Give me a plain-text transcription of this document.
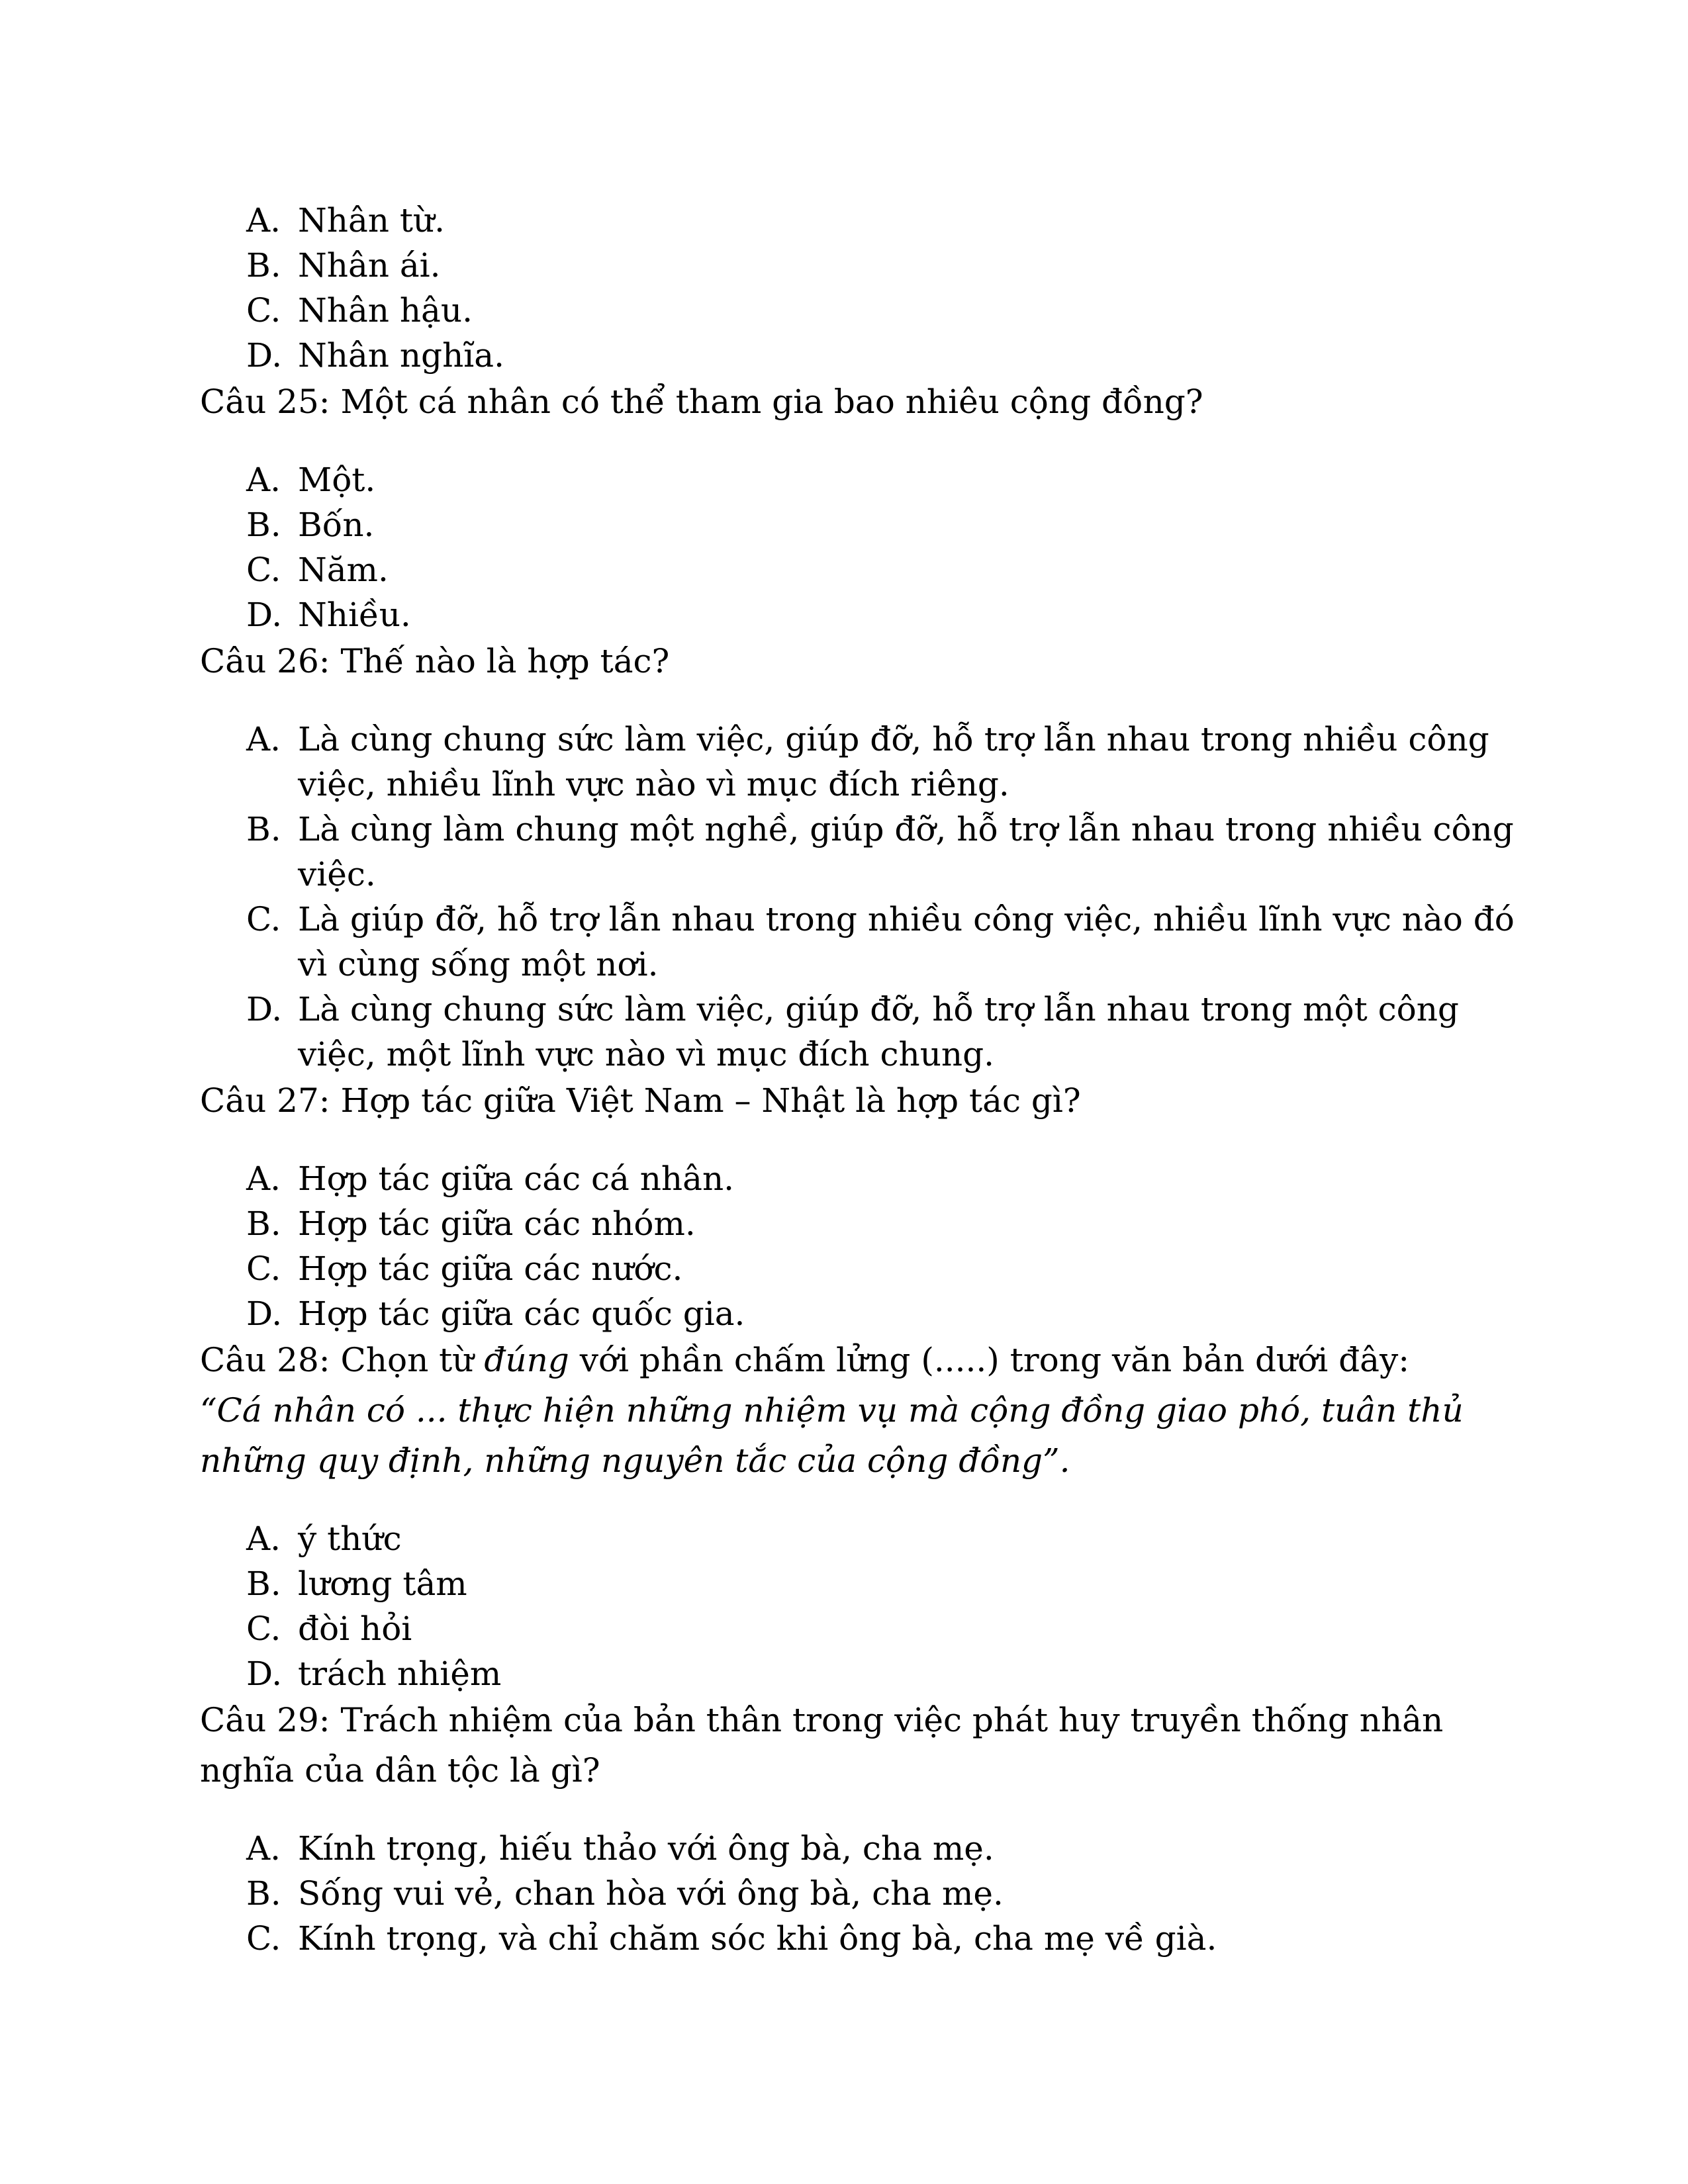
A. Nhân từ.
B. Nhân ái.
C. Nhân hậu.
D. Nhân nghĩa.
Câu 25: Một cá nhân có thể tham gia bao nhiêu cộng đồng?
A. Một.
B. Bốn.
C. Năm.
D. Nhiều.
Câu 26: Thế nào là hợp tác?
A. Là cùng chung sức làm việc, giúp đỡ, hỗ trợ lẫn nhau trong nhiều công
việc, nhiều lĩnh vực nào vì mục đích riêng.
B. Là cùng làm chung một nghề, giúp đỡ, hỗ trợ lẫn nhau trong nhiều công
việc.
C. Là giúp đỡ, hỗ trợ lẫn nhau trong nhiều công việc, nhiều lĩnh vực nào đó
vì cùng sống một nơi.
D. Là cùng chung sức làm việc, giúp đỡ, hỗ trợ lẫn nhau trong một công
việc, một lĩnh vực nào vì mục đích chung.
Câu 27: Hợp tác giữa Việt Nam – Nhật là hợp tác gì?
A. Hợp tác giữa các cá nhân.
B. Hợp tác giữa các nhóm.
C. Hợp tác giữa các nước.
D. Hợp tác giữa các quốc gia.
Câu 28: Chọn từ đúng với phần chấm lửng (.....) trong văn bản dưới đây:
“Cá nhân có ... thực hiện những nhiệm vụ mà cộng đồng giao phó, tuân thủ
những quy định, những nguyên tắc của cộng đồng”.
A. ý thức
B. lương tâm
C. đòi hỏi
D. trách nhiệm
Câu 29: Trách nhiệm của bản thân trong việc phát huy truyền thống nhân
nghĩa của dân tộc là gì?
A. Kính trọng, hiếu thảo với ông bà, cha mẹ.
B. Sống vui vẻ, chan hòa với ông bà, cha mẹ.
C. Kính trọng, và chỉ chăm sóc khi ông bà, cha mẹ về già.
